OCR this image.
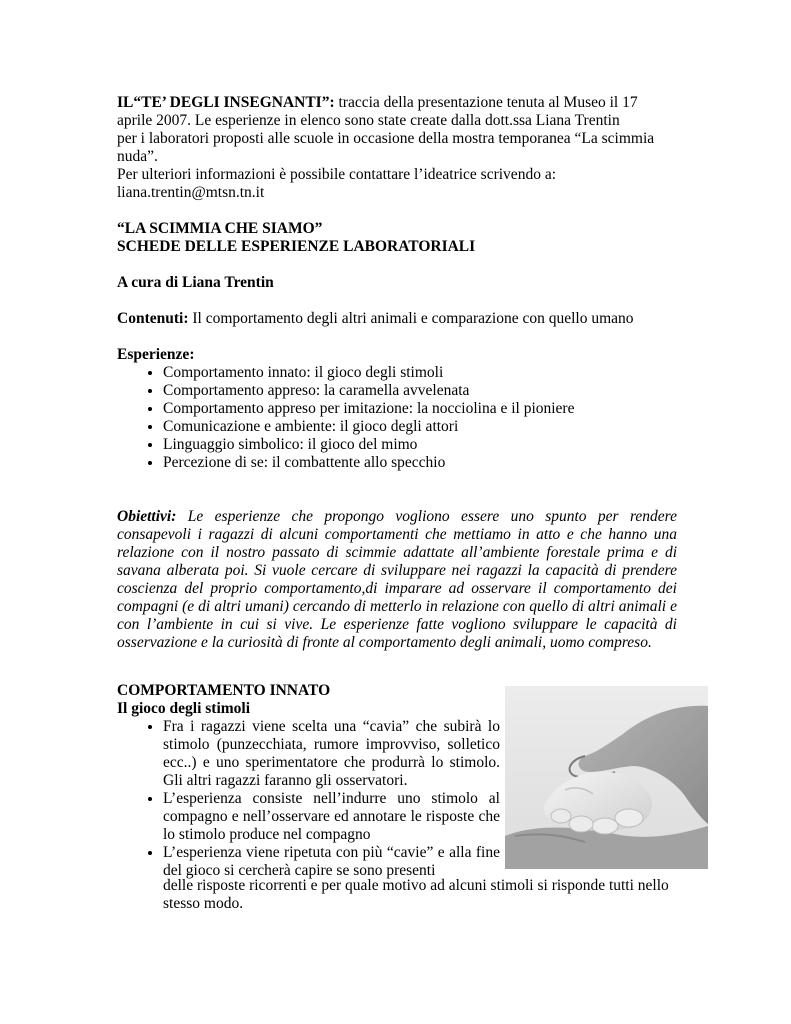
IL“TE’ DEGLI INSEGNANTI”: traccia della presentazione tenuta al Museo il 17
aprile 2007. Le esperienze in elenco sono state create dalla dott.ssa Liana Trentin
per i laboratori proposti alle scuole in occasione della mostra temporanea “La scimmia
nuda”.
Per ulteriori informazioni è possibile contattare l’ideatrice scrivendo a:
liana.trentin@mtsn.tn.it

“LA SCIMMIA CHE SIAMO”
SCHEDE DELLE ESPERIENZE LABORATORIALI

A cura di Liana Trentin

Contenuti: Il comportamento degli altri animali e comparazione con quello umano

Esperienze:

• Comportamento innato: il gioco degli stimoli
• Comportamento appreso: la caramella avvelenata
• Comportamento appreso per imitazione: la nocciolina e il pioniere
• Comunicazione e ambiente: il gioco degli attori
• Linguaggio simbolico: il gioco del mimo
• Percezione di se: il combattente allo specchio

Obiettivi: Le esperienze che propongo vogliono essere uno spunto per rendere consapevoli i ragazzi di alcuni comportamenti che mettiamo in atto e che hanno una relazione con il nostro passato di scimmie adattate all’ambiente forestale prima e di savana alberata poi. Si vuole cercare di sviluppare nei ragazzi la capacità di prendere coscienza del proprio comportamento,di imparare ad osservare il comportamento dei compagni (e di altri umani) cercando di metterlo in relazione con quello di altri animali e con l’ambiente in cui si vive. Le esperienze fatte vogliono sviluppare le capacità di osservazione e la curiosità di fronte al comportamento degli animali, uomo compreso.

COMPORTAMENTO INNATO

Il gioco degli stimoli

• Fra i ragazzi viene scelta una “cavia” che subirà lo stimolo (punzecchiata, rumore improvviso, solletico ecc..) e uno sperimentatore che produrrà lo stimolo. Gli altri ragazzi faranno gli osservatori.
• L’esperienza consiste nell’indurre uno stimolo al compagno e nell’osservare ed annotare le risposte che lo stimolo produce nel compagno
• L’esperienza viene ripetuta con più “cavie” e alla fine del gioco si cercherà capire se sono presenti

delle risposte ricorrenti e per quale motivo ad alcuni stimoli si risponde tutti nello
stesso modo.
